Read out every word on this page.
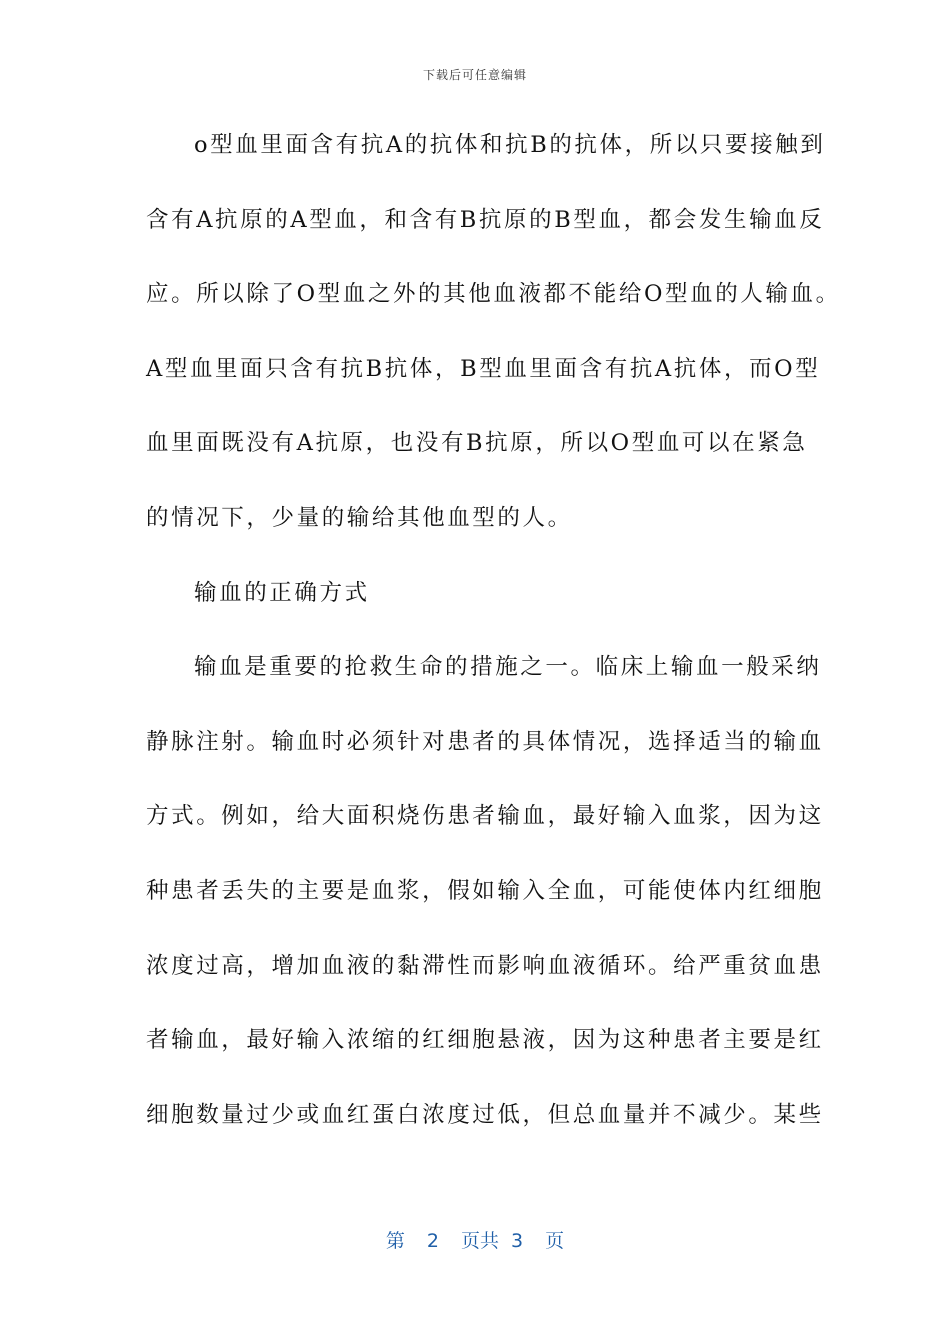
下载后可任意编辑
o型血里面含有抗A的抗体和抗B的抗体，所以只要接触到
含有A抗原的A型血，和含有B抗原的B型血，都会发生输血反
应。所以除了O型血之外的其他血液都不能给O型血的人输血。
A型血里面只含有抗B抗体，B型血里面含有抗A抗体，而O型
血里面既没有A抗原，也没有B抗原，所以O型血可以在紧急
的情况下，少量的输给其他血型的人。
输血的正确方式
输血是重要的抢救生命的措施之一。临床上输血一般采纳
静脉注射。输血时必须针对患者的具体情况，选择适当的输血
方式。例如，给大面积烧伤患者输血，最好输入血浆，因为这
种患者丢失的主要是血浆，假如输入全血，可能使体内红细胞
浓度过高，增加血液的黏滞性而影响血液循环。给严重贫血患
者输血，最好输入浓缩的红细胞悬液，因为这种患者主要是红
细胞数量过少或血红蛋白浓度过低，但总血量并不减少。某些
第 2 页共 3 页
